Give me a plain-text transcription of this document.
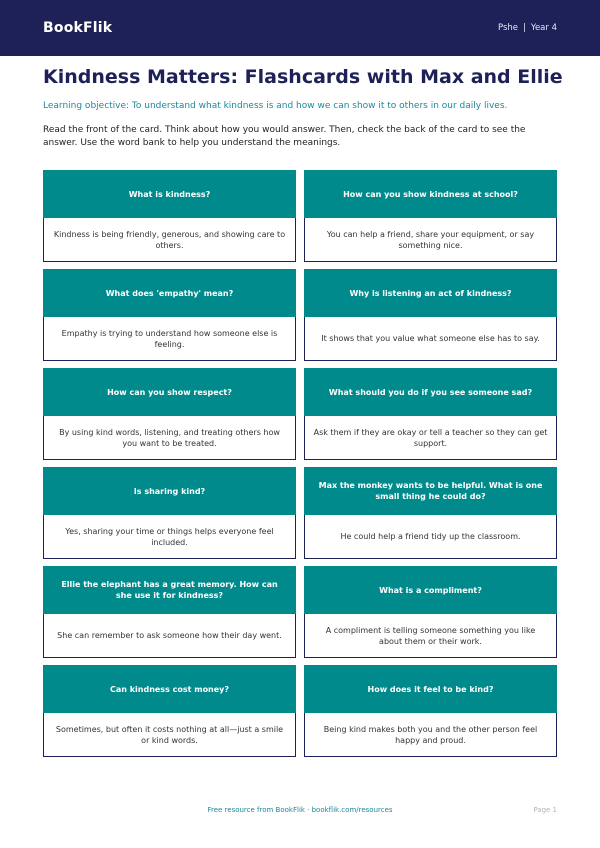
BookFlik	Pshe | Year 4
Kindness Matters: Flashcards with Max and Ellie

Learning objective: To understand what kindness is and how we can show it to others in our daily lives.

Read the front of the card. Think about how you would answer. Then, check the back of the card to see the answer. Use the word bank to help you understand the meanings.

What is kindness?
Kindness is being friendly, generous, and showing care to others.
How can you show kindness at school?
You can help a friend, share your equipment, or say something nice.
What does 'empathy' mean?
Empathy is trying to understand how someone else is feeling.
Why is listening an act of kindness?
It shows that you value what someone else has to say.
How can you show respect?
By using kind words, listening, and treating others how you want to be treated.
What should you do if you see someone sad?
Ask them if they are okay or tell a teacher so they can get support.
Is sharing kind?
Yes, sharing your time or things helps everyone feel included.
Max the monkey wants to be helpful. What is one small thing he could do?
He could help a friend tidy up the classroom.
Ellie the elephant has a great memory. How can she use it for kindness?
She can remember to ask someone how their day went.
What is a compliment?
A compliment is telling someone something you like about them or their work.
Can kindness cost money?
Sometimes, but often it costs nothing at all—just a smile or kind words.
How does it feel to be kind?
Being kind makes both you and the other person feel happy and proud.
Free resource from BookFlik · bookflik.com/resources	Page 1
